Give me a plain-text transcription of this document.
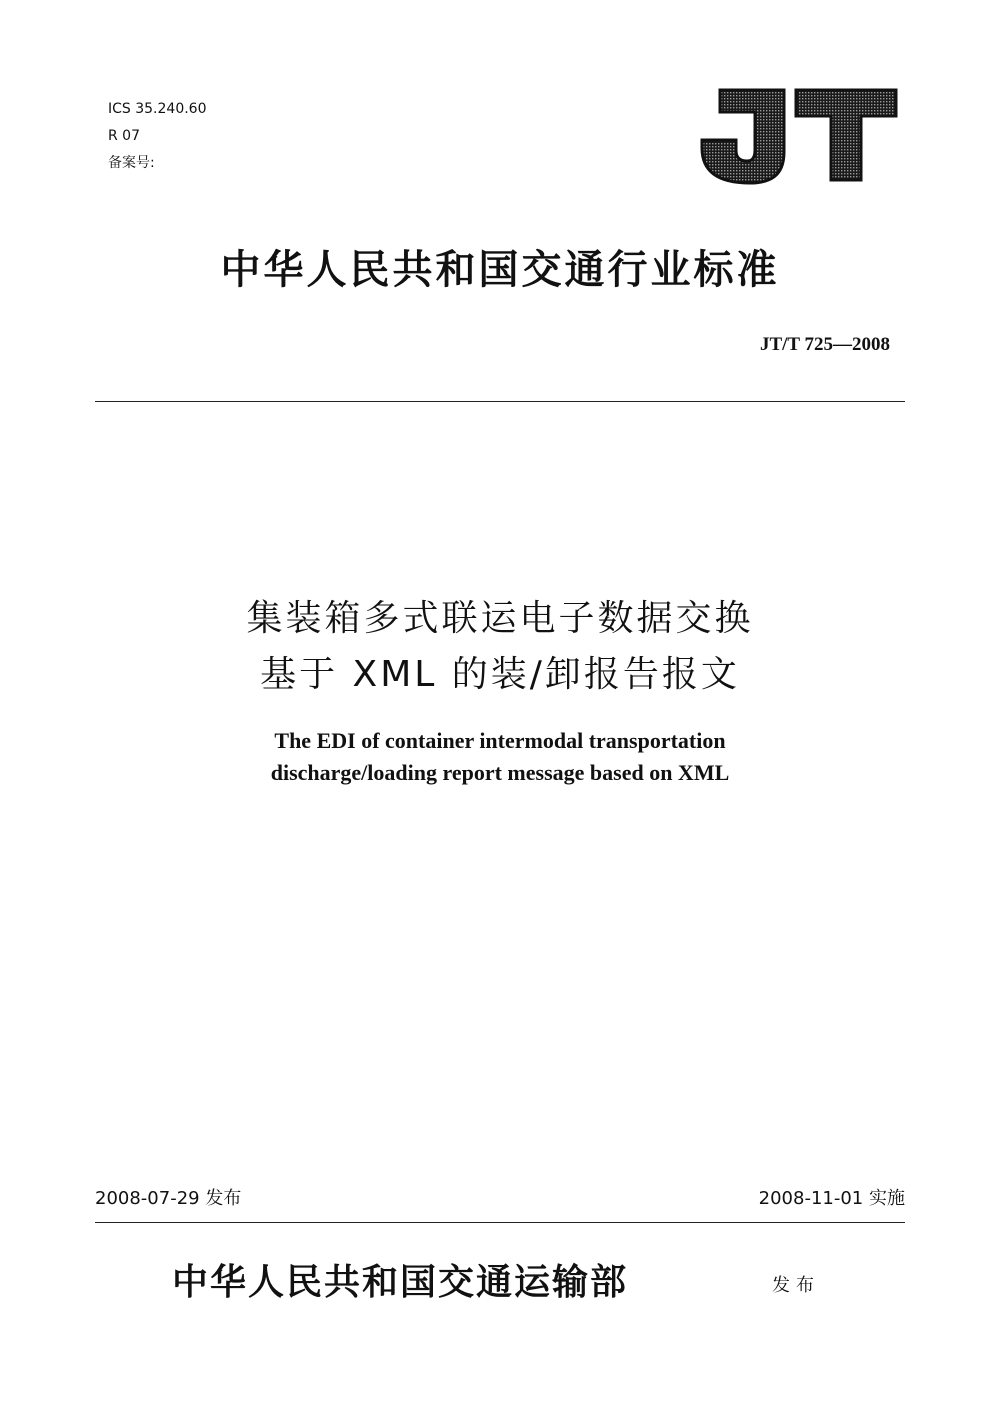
ICS 35.240.60
R 07
备案号:
中华人民共和国交通行业标准
JT/T 725—2008
集装箱多式联运电子数据交换
基于 XML 的装/卸报告报文
The EDI of container intermodal transportation
discharge/loading report message based on XML
2008-07-29 发布	2008-11-01 实施
中华人民共和国交通运输部	发布
